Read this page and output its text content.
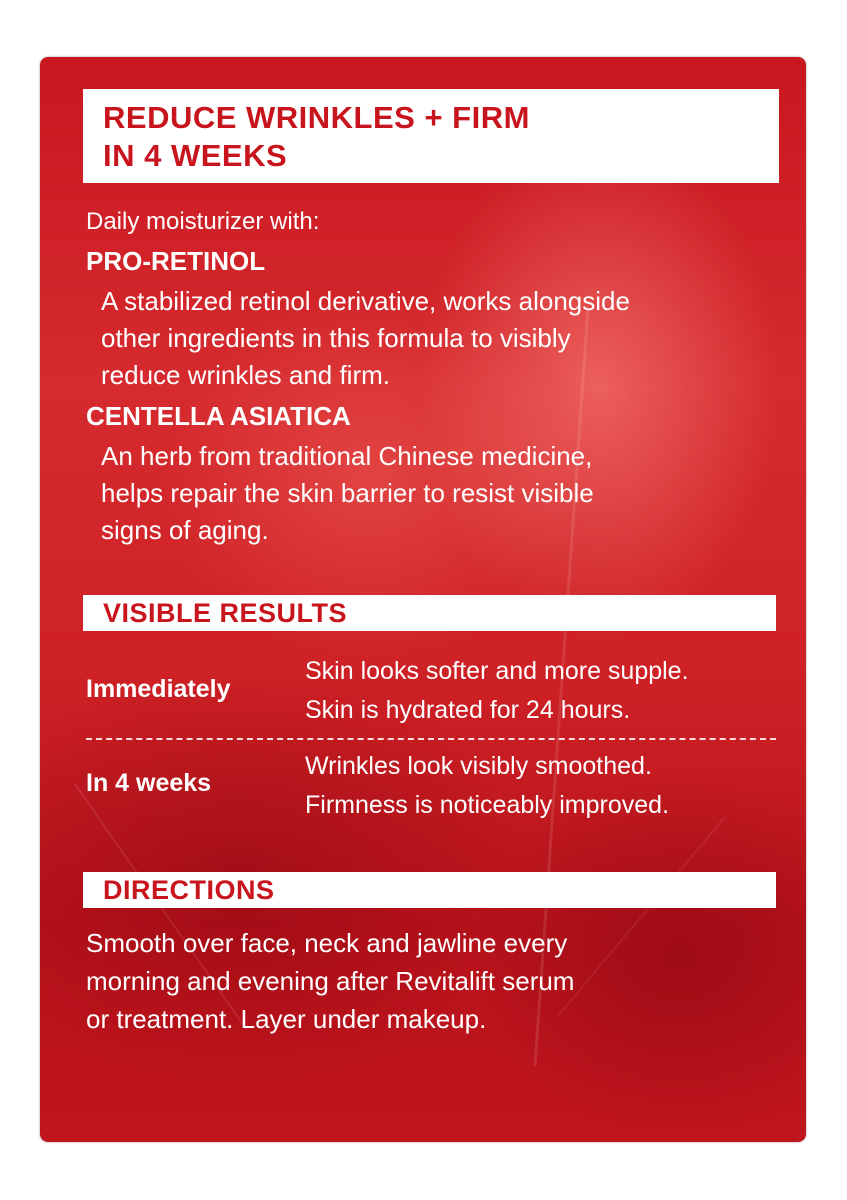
REDUCE WRINKLES + FIRM
IN 4 WEEKS
Daily moisturizer with:
PRO-RETINOL
A stabilized retinol derivative, works alongside
other ingredients in this formula to visibly
reduce wrinkles and firm.
CENTELLA ASIATICA
An herb from traditional Chinese medicine,
helps repair the skin barrier to resist visible
signs of aging.
VISIBLE RESULTS
Immediately
Skin looks softer and more supple.
Skin is hydrated for 24 hours.
In 4 weeks
Wrinkles look visibly smoothed.
Firmness is noticeably improved.
DIRECTIONS
Smooth over face, neck and jawline every
morning and evening after Revitalift serum
or treatment. Layer under makeup.
